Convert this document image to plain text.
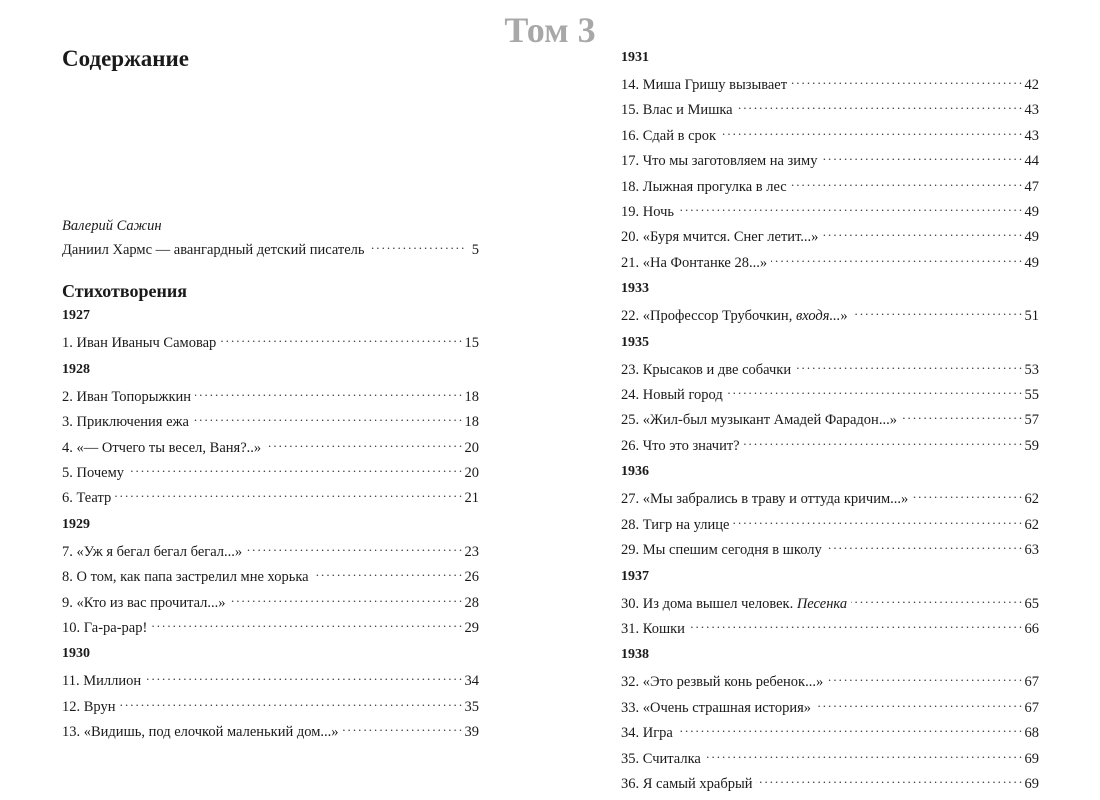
Том 3
Содержание
Валерий Сажин
Даниил Хармс — авангардный детский писатель . . .	5
Стихотворения
1927
1. Иван Иваныч Самовар . . .	15
1928
2. Иван Топорыжкин . . .	18
3. Приключения ежа . . .	18
4. «— Отчего ты весел, Ваня?..» . . .	20
5. Почему . . .	20
6. Театр . . .	21
1929
7. «Уж я бегал бегал бегал...» . . .	23
8. О том, как папа застрелил мне хорька . . .	26
9. «Кто из вас прочитал...» . . .	28
10. Га-ра-рар! . . .	29
1930
11. Миллион . . .	34
12. Врун . . .	35
13. «Видишь, под елочкой маленький дом...» . . .	39
1931
14. Миша Гришу вызывает . . .	42
15. Влас и Мишка . . .	43
16. Сдай в срок . . .	43
17. Что мы заготовляем на зиму . . .	44
18. Лыжная прогулка в лес . . .	47
19. Ночь . . .	49
20. «Буря мчится. Снег летит...» . . .	49
21. «На Фонтанке 28...» . . .	49
1933
22. «Профессор Трубочкин, входя...» . . .	51
1935
23. Крысаков и две собачки . . .	53
24. Новый город . . .	55
25. «Жил-был музыкант Амадей Фарадон...» . . .	57
26. Что это значит? . . .	59
1936
27. «Мы забрались в траву и оттуда кричим...» . . .	62
28. Тигр на улице . . .	62
29. Мы спешим сегодня в школу . . .	63
1937
30. Из дома вышел человек. Песенка . . .	65
31. Кошки . . .	66
1938
32. «Это резвый конь ребенок...» . . .	67
33. «Очень страшная история» . . .	67
34. Игра . . .	68
35. Считалка . . .	69
36. Я самый храбрый . . .	69
